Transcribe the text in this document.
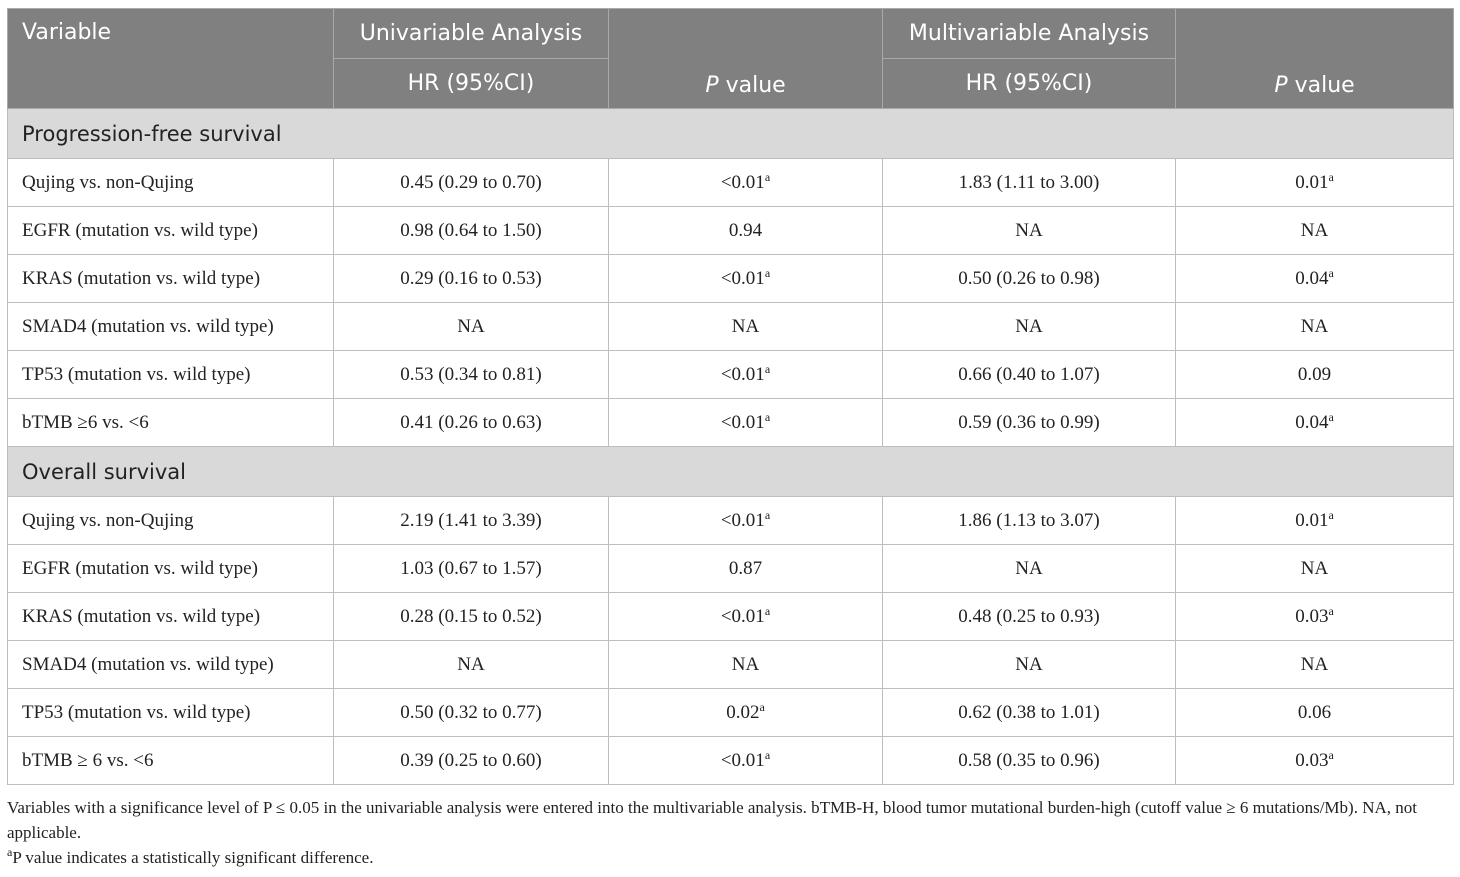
Variable	Univariable Analysis	P value	Multivariable Analysis	P value
	HR (95%CI)		HR (95%CI)	
Progression-free survival				
Qujing vs. non-Qujing	0.45 (0.29 to 0.70)	<0.01$^a$	1.83 (1.11 to 3.00)	0.01$^a$
EGFR (mutation vs. wild type)	0.98 (0.64 to 1.50)	0.94	NA	NA
KRAS (mutation vs. wild type)	0.29 (0.16 to 0.53)	<0.01$^a$	0.50 (0.26 to 0.98)	0.04$^a$
SMAD4 (mutation vs. wild type)	NA	NA	NA	NA
TP53 (mutation vs. wild type)	0.53 (0.34 to 0.81)	<0.01$^a$	0.66 (0.40 to 1.07)	0.09
bTMB ≥6 vs. <6	0.41 (0.26 to 0.63)	<0.01$^a$	0.59 (0.36 to 0.99)	0.04$^a$
Overall survival				
Qujing vs. non-Qujing	2.19 (1.41 to 3.39)	<0.01$^a$	1.86 (1.13 to 3.07)	0.01$^a$
EGFR (mutation vs. wild type)	1.03 (0.67 to 1.57)	0.87	NA	NA
KRAS (mutation vs. wild type)	0.28 (0.15 to 0.52)	<0.01$^a$	0.48 (0.25 to 0.93)	0.03$^a$
SMAD4 (mutation vs. wild type)	NA	NA	NA	NA
TP53 (mutation vs. wild type)	0.50 (0.32 to 0.77)	0.02$^a$	0.62 (0.38 to 1.01)	0.06
bTMB ≥ 6 vs. <6	0.39 (0.25 to 0.60)	<0.01$^a$	0.58 (0.35 to 0.96)	0.03$^a$

Variables with a significance level of P ≤ 0.05 in the univariable analysis were entered into the multivariable analysis. bTMB-H, blood tumor mutational burden-high (cutoff value ≥ 6 mutations/Mb). NA, not applicable.

$^a$P value indicates a statistically significant difference.
